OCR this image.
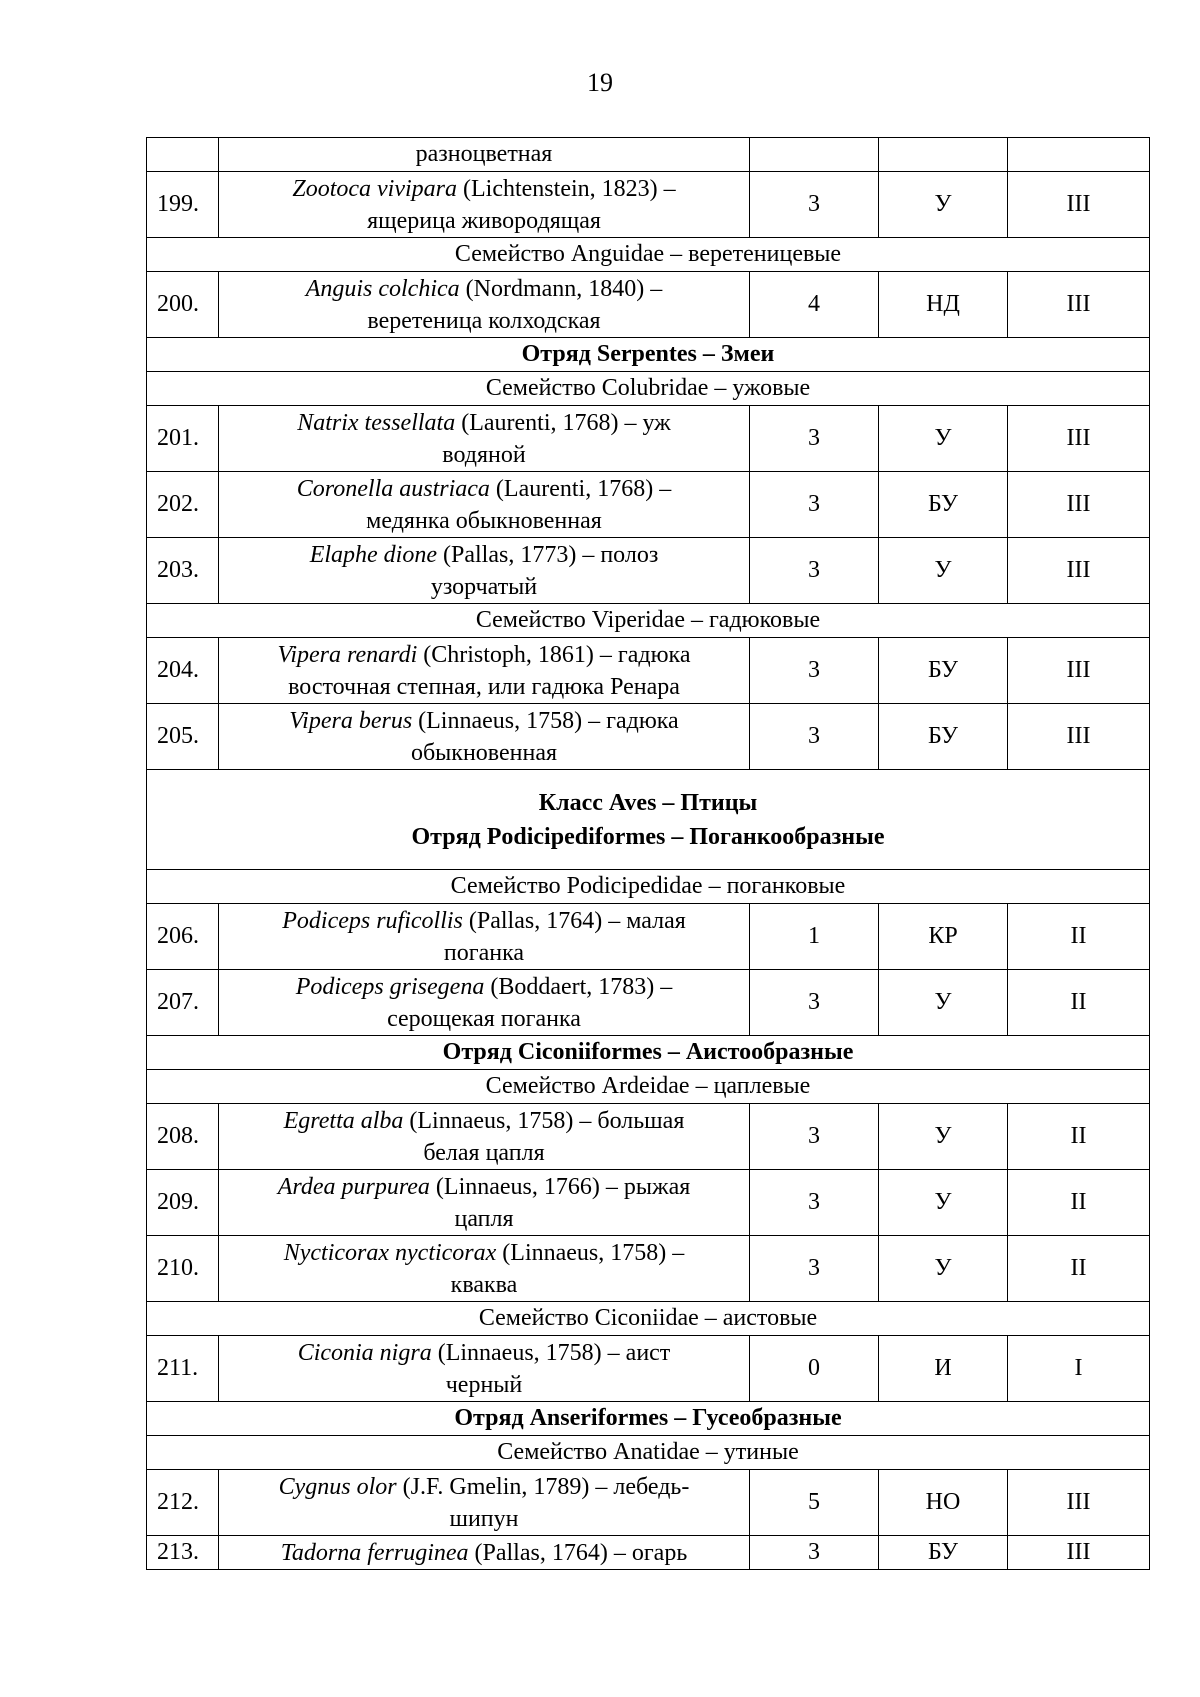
19
	разноцветная			
199.	Zootoca vivipara (Lichtenstein, 1823) –
ящерица живородящая	3	У	III
Семейство Anguidae – веретеницевые				
200.	Anguis colchica (Nordmann, 1840) –
веретеница колходская	4	НД	III
Отряд Serpentes – Змеи				
Семейство Colubridae – ужовые				
201.	Natrix tessellata (Laurenti, 1768) – уж
водяной	3	У	III
202.	Coronella austriaca (Laurenti, 1768) –
медянка обыкновенная	3	БУ	III
203.	Elaphe dione (Pallas, 1773) – полоз
узорчатый	3	У	III
Семейство Viperidae – гадюковые				
204.	Vipera renardi (Christoph, 1861) – гадюка
восточная степная, или гадюка Ренара	3	БУ	III
205.	Vipera berus (Linnaeus, 1758) – гадюка
обыкновенная	3	БУ	III

Класс Aves – Птицы
Отряд Podicipediformes – Поганкообразные				

Семейство Podicipedidae – поганковые				
206.	Podiceps ruficollis (Pallas, 1764) – малая
поганка	1	КР	II
207.	Podiceps grisegena (Boddaert, 1783) –
серощекая поганка	3	У	II
Отряд Ciconiiformes – Аистообразные				
Семейство Ardeidae – цаплевые				
208.	Egretta alba (Linnaeus, 1758) – большая
белая цапля	3	У	II
209.	Ardea purpurea (Linnaeus, 1766) – рыжая
цапля	3	У	II
210.	Nycticorax nycticorax (Linnaeus, 1758) –
кваква	3	У	II
Семейство Ciconiidae – аистовые				
211.	Ciconia nigra (Linnaeus, 1758) – аист
черный	0	И	I
Отряд Anseriformes – Гусеобразные				
Семейство Anatidae – утиные				
212.	Cygnus olor (J.F. Gmelin, 1789) – лебедь-
шипун	5	НО	III
213.	Tadorna ferruginea (Pallas, 1764) – огарь	3	БУ	III
